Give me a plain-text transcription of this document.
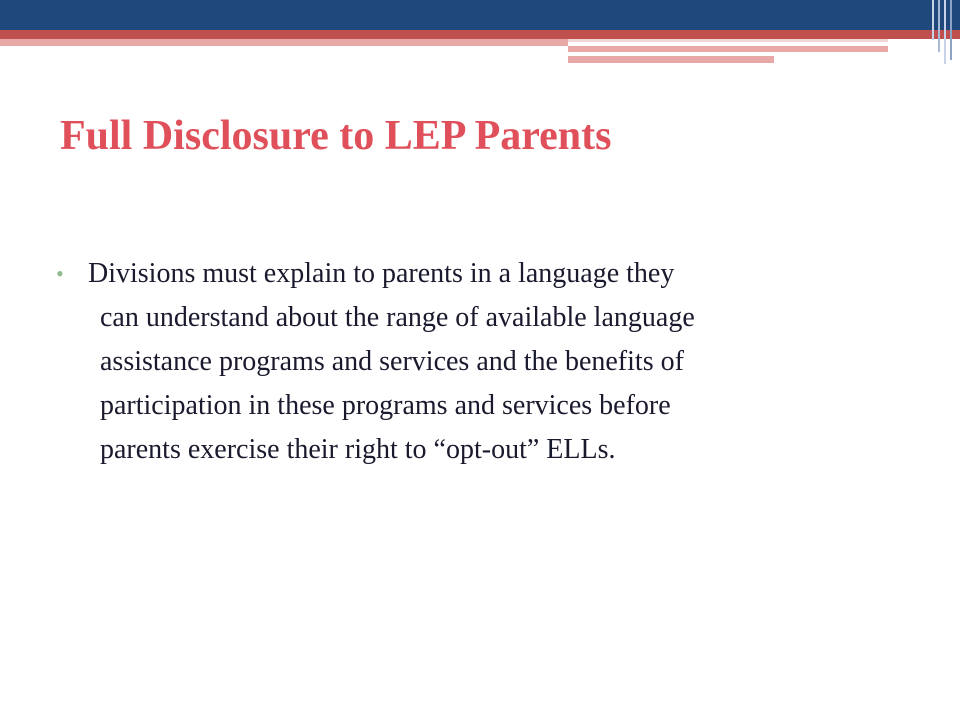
Full Disclosure to LEP Parents
• Divisions must explain to parents in a language they
can understand about the range of available language
assistance programs and services and the benefits of
participation in these programs and services before
parents exercise their right to “opt-out” ELLs.
